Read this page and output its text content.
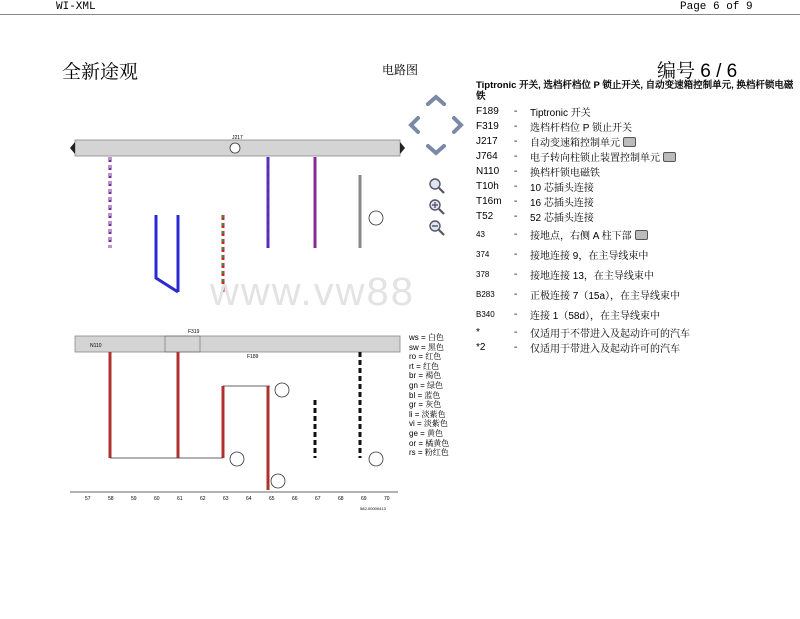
WI-XML	Page 6 of 9
全新途观	电路图	编号 6 / 6
Tiptronic 开关, 选档杆档位 P 锁止开关, 自动变速箱控制单元, 换档杆锁电磁铁
F189	-	Tiptronic 开关
F319	-	选档杆档位 P 锁止开关
J217	-	自动变速箱控制单元
J764	-	电子转向柱锁止装置控制单元
N110	-	换档杆锁电磁铁
T10h	-	10 芯插头连接
T16m	-	16 芯插头连接
T52	-	52 芯插头连接
43	-	接地点，右侧 A 柱下部
374	-	接地连接 9，在主导线束中
378	-	接地连接 13，在主导线束中
B283	-	正极连接 7（15a），在主导线束中
B340	-	连接 1（58d），在主导线束中
*	-	仅适用于不带进入及起动许可的汽车
*2	-	仅适用于带进入及起动许可的汽车
ws = 白色
sw = 黑色
ro = 红色
rt = 红色
br = 褐色
gn = 绿色
bl = 蓝色
gr = 灰色
li = 淡紫色
vi = 淡紫色
ge = 黄色
or = 橘黄色
rs = 粉红色
J217
N110
F319
F189
57	58	59	60	61	62	63	64	65	66	67	68	69	70
582-00000413
www.vw88
